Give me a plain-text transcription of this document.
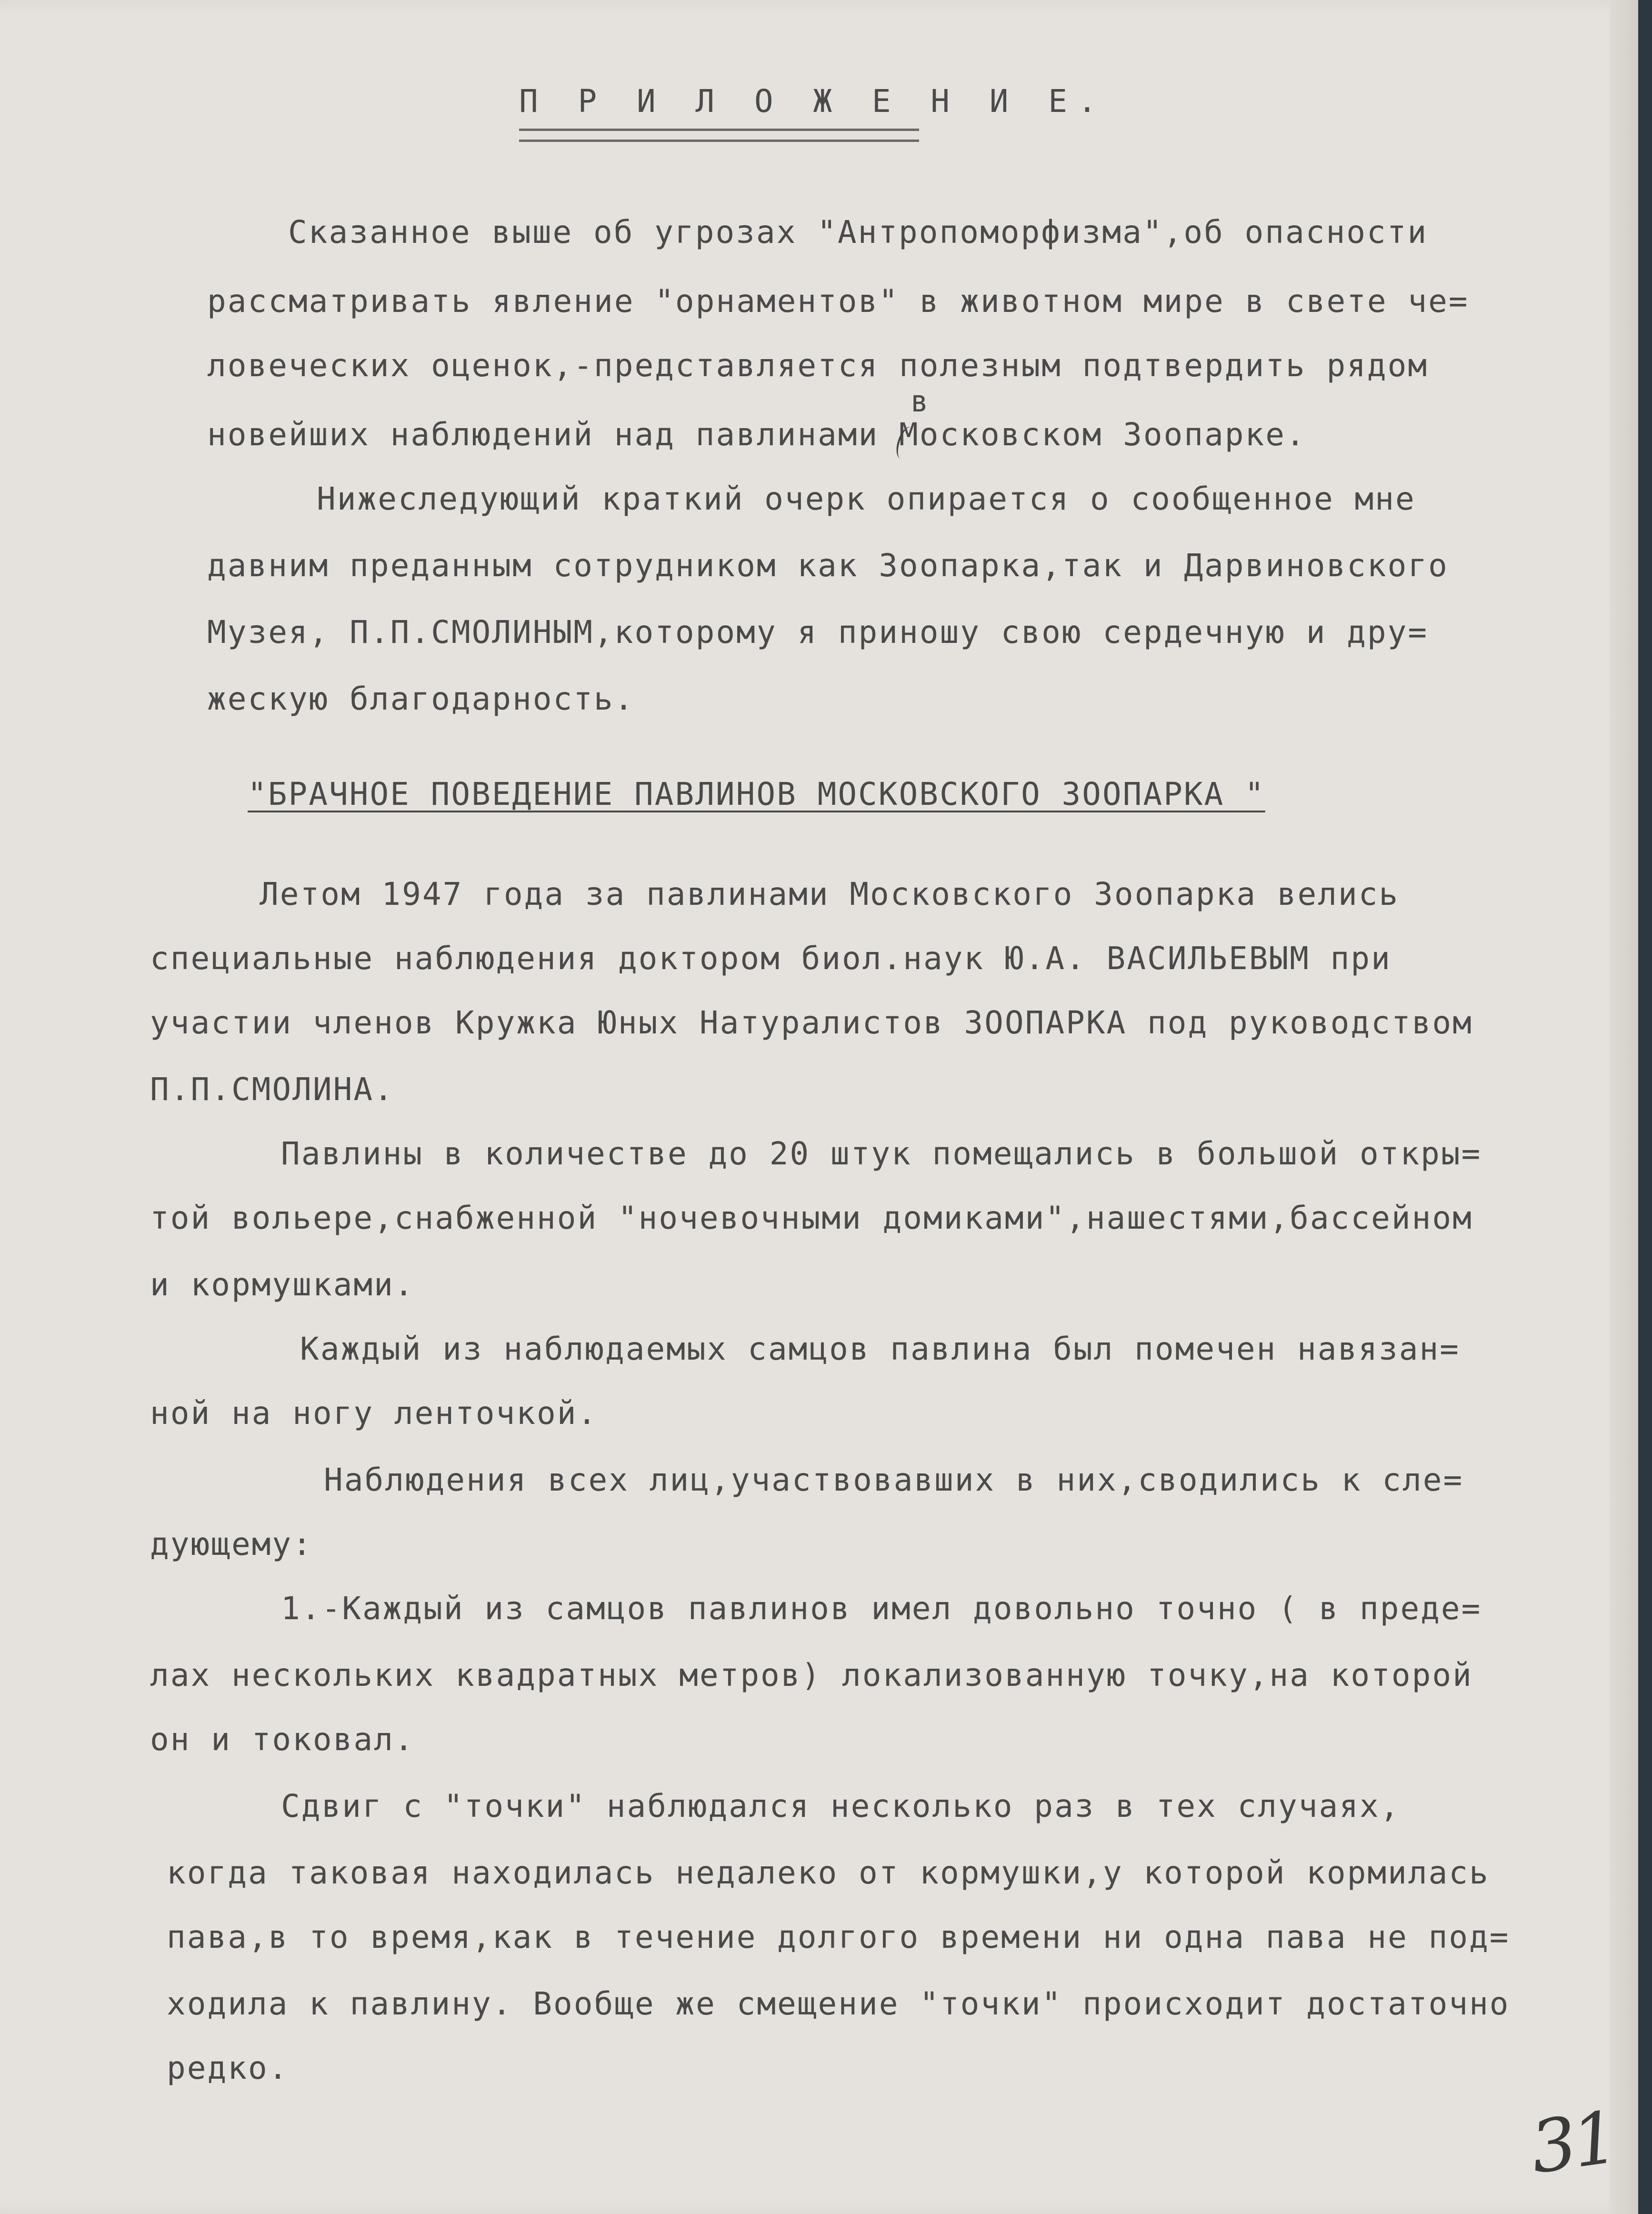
П Р И Л О Ж Е Н И Е.
Сказанное выше об угрозах "Антропоморфизма",об опасности
рассматривать явление "орнаментов" в животном мире в свете че=
ловеческих оценок,-представляется полезным подтвердить рядом
новейших наблюдений над павлинами Московском Зоопарке.
в
Нижеследующий краткий очерк опирается о сообщенное мне
давним преданным сотрудником как Зоопарка,так и Дарвиновского
Музея, П.П.СМОЛИНЫМ,которому я приношу свою сердечную и дру=
жескую благодарность.
"БРАЧНОЕ ПОВЕДЕНИЕ ПАВЛИНОВ МОСКОВСКОГО ЗООПАРКА "
Летом 1947 года за павлинами Московского Зоопарка велись
специальные наблюдения доктором биол.наук Ю.А. ВАСИЛЬЕВЫМ при
участии членов Кружка Юных Натуралистов ЗООПАРКА под руководством
П.П.СМОЛИНА.
Павлины в количестве до 20 штук помещались в большой откры=
той вольере,снабженной "ночевочными домиками",нашестями,бассейном
и кормушками.
Каждый из наблюдаемых самцов павлина был помечен навязан=
ной на ногу ленточкой.
Наблюдения всех лиц,участвовавших в них,сводились к сле=
дующему:
1.-Каждый из самцов павлинов имел довольно точно ( в преде=
лах нескольких квадратных метров) локализованную точку,на которой
он и токовал.
Сдвиг с "точки" наблюдался несколько раз в тех случаях,
когда таковая находилась недалеко от кормушки,у которой кормилась
пава,в то время,как в течение долгого времени ни одна пава не под=
ходила к павлину. Вообще же смещение "точки" происходит достаточно
редко.
31
